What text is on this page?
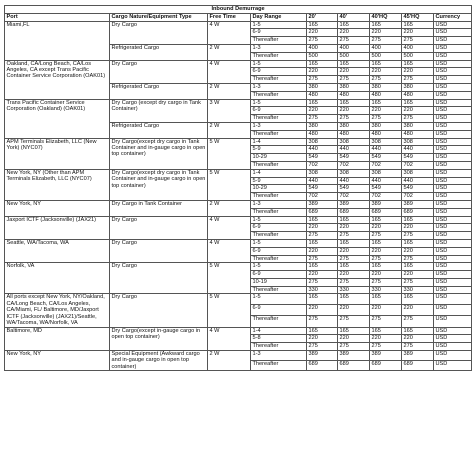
Inbound Demurrage								
Port	Cargo Nature/Equipment Type	Free Time	Day Range	20'	40'	40'HQ	45'HQ	Currency
Miami,FL	Dry Cargo	4 W	1-5	165	165	165	165	USD
			6-9	220	220	220	220	USD
			Thereafter	275	275	275	275	USD
	Refrigerated Cargo	2 W	1-3	400	400	400	400	USD
			Thereafter	500	500	500	500	USD
Oakland, CA/Long Beach, CA/Los Angeles, CA except Trans Pacific Container Service Corporation (OAK01)	Dry Cargo	4 W	1-5	165	165	165	165	USD
			6-9	220	220	220	220	USD
			Thereafter	275	275	275	275	USD
	Refrigerated Cargo	2 W	1-3	380	380	380	380	USD
			Thereafter	480	480	480	480	USD
Trans Pacific Container Service Corporation (Oakland) (OAK01)	Dry Cargo (except dry cargo in Tank Container)	3 W	1-5	165	165	165	165	USD
			6-9	220	220	220	220	USD
			Thereafter	275	275	275	275	USD
	Refrigerated Cargo	2 W	1-3	380	380	380	380	USD
			Thereafter	480	480	480	480	USD
APM Terminals Elizabeth, LLC (New York) (NYC07)	Dry Cargo(except dry cargo in Tank Container and in-gauge cargo in open top container)	5 W	1-4	308	308	308	308	USD
			5-9	440	440	440	440	USD
			10-29	549	549	549	549	USD
			Thereafter	702	702	702	702	USD
New York, NY (Other than APM Terminals Elizabeth, LLC (NYC07)	Dry Cargo(except dry cargo in Tank Container and in-gauge cargo in open top container)	5 W	1-4	308	308	308	308	USD
			5-9	440	440	440	440	USD
			10-29	549	549	549	549	USD
			Thereafter	702	702	702	702	USD
New York, NY	Dry Cargo in Tank Container	2 W	1-3	389	389	389	389	USD
			Thereafter	689	689	689	689	USD
Jaxport ICTF (Jacksonville) (JAX21)	Dry Cargo	4 W	1-5	165	165	165	165	USD
			6-9	220	220	220	220	USD
			Thereafter	275	275	275	275	USD
Seattle, WA/Tacoma, WA	Dry Cargo	4 W	1-5	165	165	165	165	USD
			6-9	220	220	220	220	USD
			Thereafter	275	275	275	275	USD
Norfolk, VA	Dry Cargo	5 W	1-5	165	165	165	165	USD
			6-9	220	220	220	220	USD
			10-19	275	275	275	275	USD
			Thereafter	330	330	330	330	USD
All ports except New York, NY/Oakland, CA/Long Beach, CA/Los Angeles, CA/Miami, FL/ Baltimore, MD/Jaxport ICTF (Jacksonville) (JAX21)/Seattle, WA/Tacoma, WA/Norfolk, VA	Dry Cargo	5 W	1-5	165	165	165	165	USD
			6-9	220	220	220	220	USD
			Thereafter	275	275	275	275	USD
Baltimore, MD	Dry Cargo(except in-gauge cargo in open top container)	4 W	1-4	165	165	165	165	USD
			5-8	220	220	220	220	USD
			Thereafter	275	275	275	275	USD
New York, NY	Special Equipment (Awkward cargo and in-gauge cargo in open top container)	2 W	1-3	389	389	389	389	USD
			Thereafter	689	689	689	689	USD
